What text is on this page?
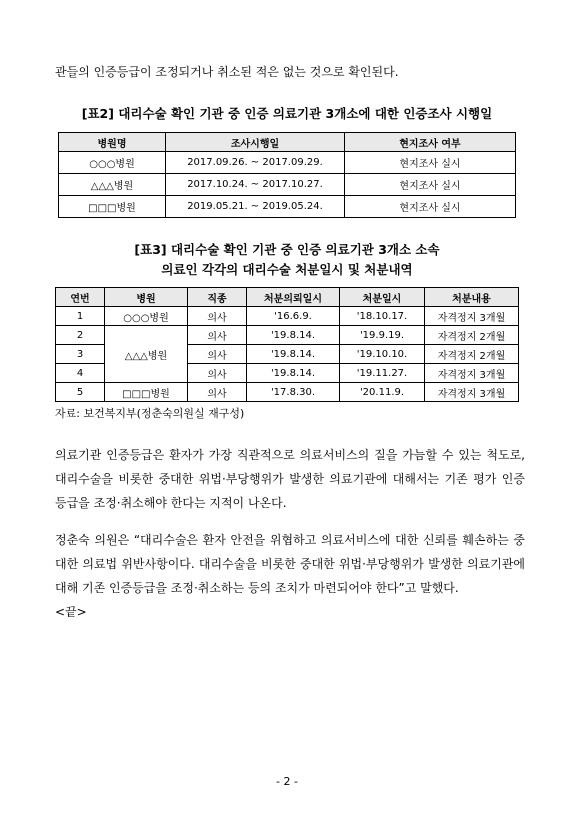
관들의 인증등급이 조정되거나 취소된 적은 없는 것으로 확인된다.
[표2] 대리수술 확인 기관 중 인증 의료기관 3개소에 대한 인증조사 시행일
병원명	조사시행일	현지조사 여부
○○○병원	2017.09.26. ~ 2017.09.29.	현지조사 실시
△△△병원	2017.10.24. ~ 2017.10.27.	현지조사 실시
□□□병원	2019.05.21. ~ 2019.05.24.	현지조사 실시
[표3] 대리수술 확인 기관 중 인증 의료기관 3개소 소속
의료인 각각의 대리수술 처분일시 및 처분내역
연번	병원	직종	처분의뢰일시	처분일시	처분내용
1	○○○병원	의사	'16.6.9.	'18.10.17.	자격정지 3개월
2	△△△병원	의사	'19.8.14.	'19.9.19.	자격정지 2개월
3		의사	'19.8.14.	'19.10.10.	자격정지 2개월
4		의사	'19.8.14.	'19.11.27.	자격정지 3개월
5	□□□병원	의사	'17.8.30.	'20.11.9.	자격정지 3개월
자료: 보건복지부(정춘숙의원실 재구성)
의료기관 인증등급은 환자가 가장 직관적으로 의료서비스의 질을 가늠할 수 있는 척도로, 대리수술을 비롯한 중대한 위법·부당행위가 발생한 의료기관에 대해서는 기존 평가 인증 등급을 조정·취소해야 한다는 지적이 나온다.
정춘숙 의원은 “대리수술은 환자 안전을 위협하고 의료서비스에 대한 신뢰를 훼손하는 중대한 의료법 위반사항이다. 대리수술을 비롯한 중대한 위법·부당행위가 발생한 의료기관에 대해 기존 인증등급을 조정·취소하는 등의 조치가 마련되어야 한다”고 말했다.
<끝>
- 2 -
